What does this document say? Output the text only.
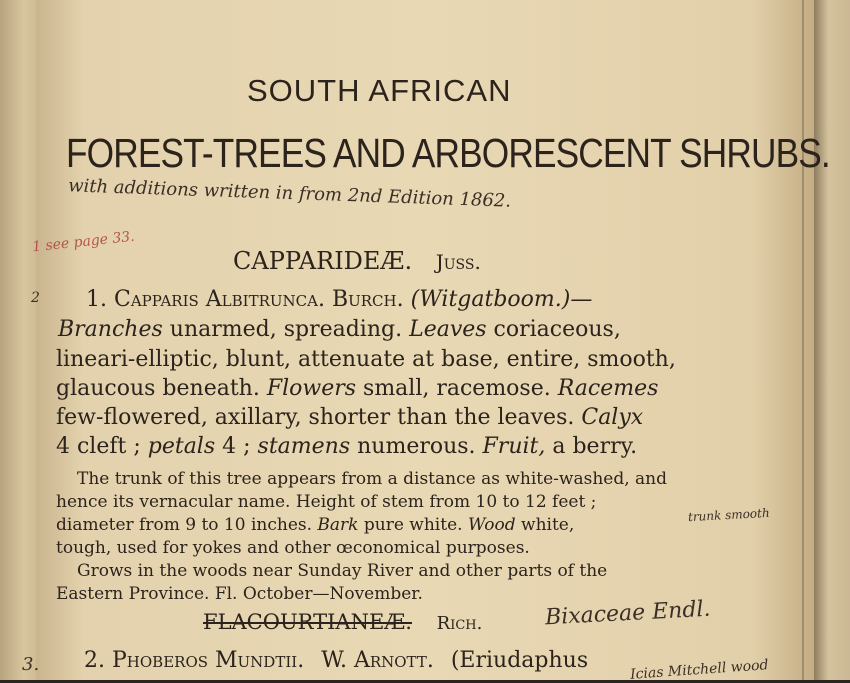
SOUTH AFRICAN
FOREST-TREES AND ARBORESCENT SHRUBS.
with additions written in from 2nd Edition 1862.
1 see page 33.
CAPPARIDEÆ. Juss.
2 1. Capparis Albitrunca. Burch. (Witgatboom.)—
Branches unarmed, spreading. Leaves coriaceous,
lineari-elliptic, blunt, attenuate at base, entire, smooth,
glaucous beneath. Flowers small, racemose. Racemes
few-flowered, axillary, shorter than the leaves. Calyx
4 cleft ; petals 4 ; stamens numerous. Fruit, a berry.
The trunk of this tree appears from a distance as white-washed, and
hence its vernacular name. Height of stem from 10 to 12 feet ;
diameter from 9 to 10 inches. Bark pure white. Wood white,	trunk smooth
tough, used for yokes and other œconomical purposes.
Grows in the woods near Sunday River and other parts of the
Eastern Province. Fl. October—November.
FLACOURTIANEÆ. Rich.	Bixaceae Endl.
3. 2. Phoberos Mundtii. W. Arnott. (Eriudaphus	Icias Mitchell wood
